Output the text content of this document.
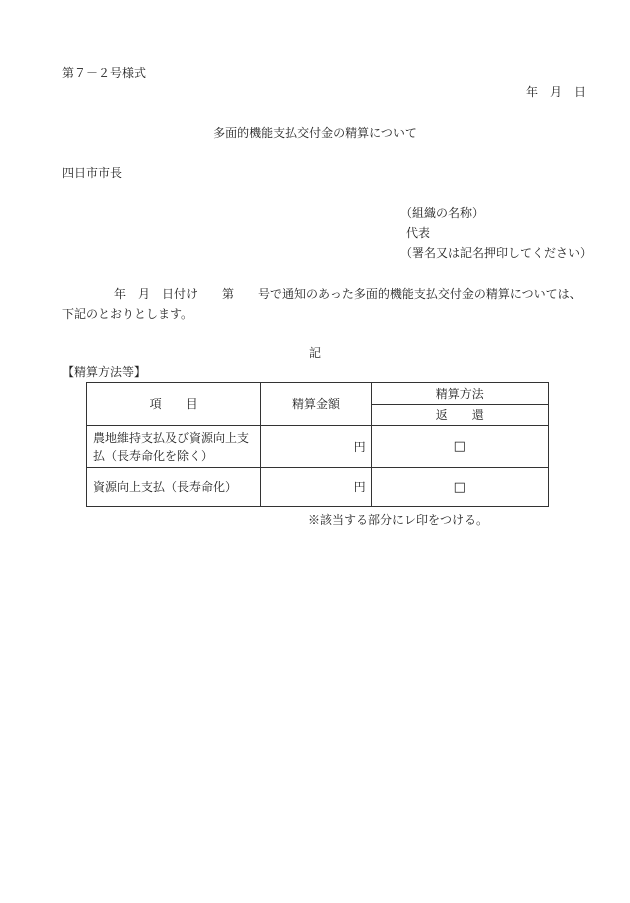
第７－２号様式
年　月　日
多面的機能支払交付金の精算について
四日市市長
（組織の名称）
代表
（署名又は記名押印してください）
年　月　日付け　　第　　号で通知のあった多面的機能支払交付金の精算については、
下記のとおりとします。
記
【精算方法等】
項　　目	精算金額	精算方法
		返　　還

農地維持支払及び資源向上支
払（長寿命化を除く）	円	□

資源向上支払（長寿命化）	円	□
※該当する部分にレ印をつける。
